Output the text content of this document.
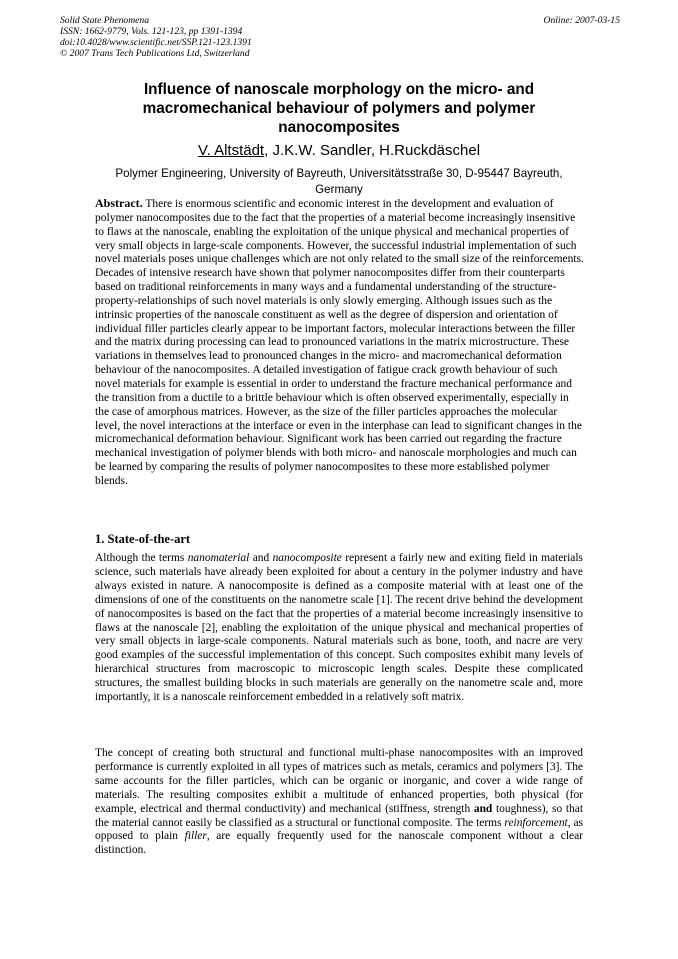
Solid State Phenomena
ISSN: 1662-9779, Vols. 121-123, pp 1391-1394
doi:10.4028/www.scientific.net/SSP.121-123.1391
© 2007 Trans Tech Publications Ltd, Switzerland
Online: 2007-03-15
Influence of nanoscale morphology on the micro- and macromechanical behaviour of polymers and polymer nanocomposites
V. Altstädt, J.K.W. Sandler, H.Ruckdäschel
Polymer Engineering, University of Bayreuth, Universitätsstraße 30, D-95447 Bayreuth, Germany
Abstract. There is enormous scientific and economic interest in the development and evaluation of polymer nanocomposites due to the fact that the properties of a material become increasingly insensitive to flaws at the nanoscale, enabling the exploitation of the unique physical and mechanical properties of very small objects in large-scale components. However, the successful industrial implementation of such novel materials poses unique challenges which are not only related to the small size of the reinforcements. Decades of intensive research have shown that polymer nanocomposites differ from their counterparts based on traditional reinforcements in many ways and a fundamental understanding of the structure-property-relationships of such novel materials is only slowly emerging. Although issues such as the intrinsic properties of the nanoscale constituent as well as the degree of dispersion and orientation of individual filler particles clearly appear to be important factors, molecular interactions between the filler and the matrix during processing can lead to pronounced variations in the matrix microstructure. These variations in themselves lead to pronounced changes in the micro- and macromechanical deformation behaviour of the nanocomposites. A detailed investigation of fatigue crack growth behaviour of such novel materials for example is essential in order to understand the fracture mechanical performance and the transition from a ductile to a brittle behaviour which is often observed experimentally, especially in the case of amorphous matrices. However, as the size of the filler particles approaches the molecular level, the novel interactions at the interface or even in the interphase can lead to significant changes in the micromechanical deformation behaviour. Significant work has been carried out regarding the fracture mechanical investigation of polymer blends with both micro- and nanoscale morphologies and much can be learned by comparing the results of polymer nanocomposites to these more established polymer blends.
1. State-of-the-art

Although the terms nanomaterial and nanocomposite represent a fairly new and exiting field in materials science, such materials have already been exploited for about a century in the polymer industry and have always existed in nature. A nanocomposite is defined as a composite material with at least one of the dimensions of one of the constituents on the nanometre scale [1]. The recent drive behind the development of nanocomposites is based on the fact that the properties of a material become increasingly insensitive to flaws at the nanoscale [2], enabling the exploitation of the unique physical and mechanical properties of very small objects in large-scale components. Natural materials such as bone, tooth, and nacre are very good examples of the successful implementation of this concept. Such composites exhibit many levels of hierarchical structures from macroscopic to microscopic length scales. Despite these complicated structures, the smallest building blocks in such materials are generally on the nanometre scale and, more importantly, it is a nanoscale reinforcement embedded in a relatively soft matrix.

The concept of creating both structural and functional multi-phase nanocomposites with an improved performance is currently exploited in all types of matrices such as metals, ceramics and polymers [3]. The same accounts for the filler particles, which can be organic or inorganic, and cover a wide range of materials. The resulting composites exhibit a multitude of enhanced properties, both physical (for example, electrical and thermal conductivity) and mechanical (stiffness, strength and toughness), so that the material cannot easily be classified as a structural or functional composite. The terms reinforcement, as opposed to plain filler, are equally frequently used for the nanoscale component without a clear distinction.
